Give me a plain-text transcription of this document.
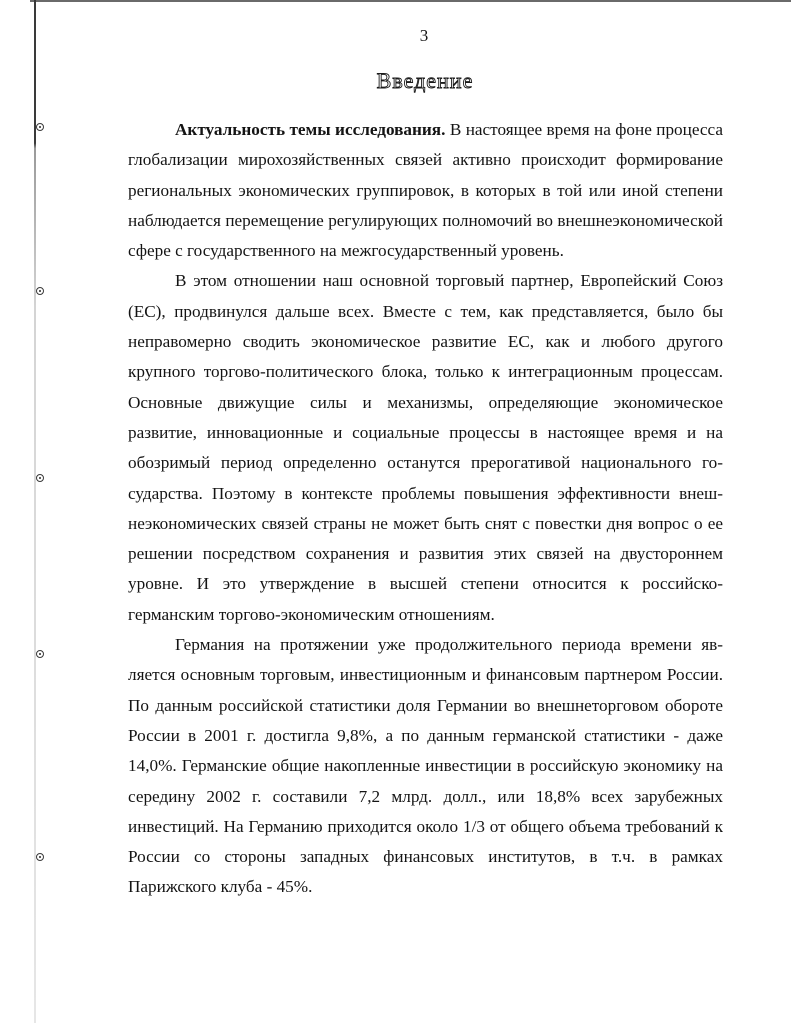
3
Введение

Актуальность темы исследования. В настоящее время на фоне процесса глобализации мирохозяйственных связей активно происходит формирование региональных экономических группировок, в которых в той или иной степени наблюдается перемещение регулирующих полномочий во внешнеэкономической сфере с государственного на межгосударственный уровень.

В этом отношении наш основной торговый партнер, Европейский Союз (ЕС), продвинулся дальше всех. Вместе с тем, как представляется, было бы неправомерно сводить экономическое развитие ЕС, как и любого другого крупного торгово-политического блока, только к интеграционным процессам. Основные движущие силы и механизмы, определяющие экономическое развитие, инновационные и социальные процессы в настоящее время и на обозримый период определенно останутся прерогативой национального государства. Поэтому в контексте проблемы повышения эффективности внешнеэкономических связей страны не может быть снят с повестки дня вопрос о ее решении посредством сохранения и развития этих связей на двустороннем уровне. И это утверждение в высшей степени относится к российско-германским торгово-экономическим отношениям.

Германия на протяжении уже продолжительного периода времени является основным торговым, инвестиционным и финансовым партнером России. По данным российской статистики доля Германии во внешнеторговом обороте России в 2001 г. достигла 9,8%, а по данным германской статистики - даже 14,0%. Германские общие накопленные инвестиции в российскую экономику на середину 2002 г. составили 7,2 млрд. долл., или 18,8% всех зарубежных инвестиций. На Германию приходится около 1/3 от общего объема требований к России со стороны западных финансовых институтов, в т.ч. в рамках Парижского клуба - 45%.
